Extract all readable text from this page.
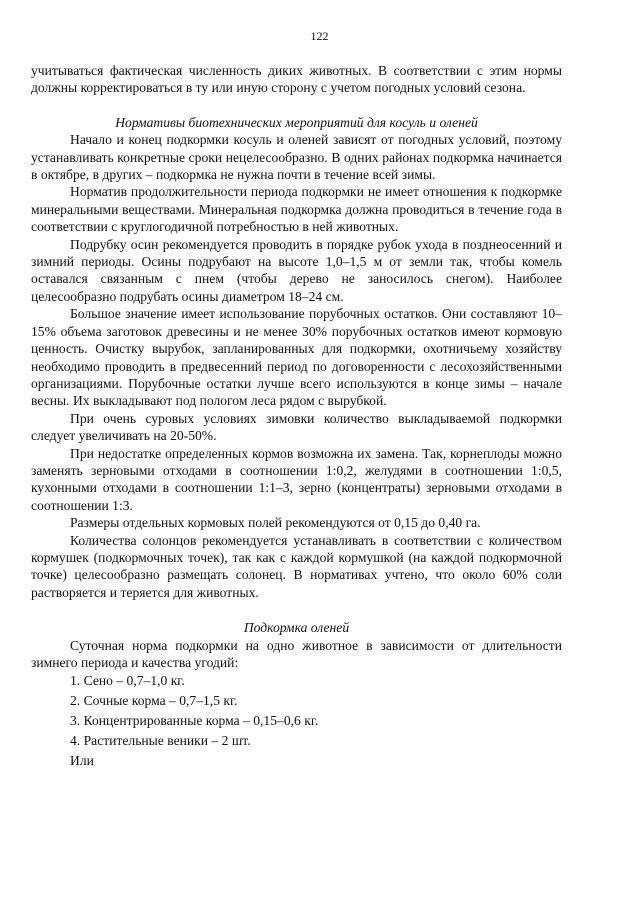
122

учитываться фактическая численность диких животных. В соответствии с этим нормы должны корректироваться в ту или иную сторону с учетом погодных условий сезона.

Нормативы биотехнических мероприятий для косуль и оленей

Начало и конец подкормки косуль и оленей зависят от погодных условий, поэтому устанавливать конкретные сроки нецелесообразно. В одних районах подкормка начинается в октябре, в других – подкормка не нужна почти в течение всей зимы.

Норматив продолжительности периода подкормки не имеет отношения к подкормке минеральными веществами. Минеральная подкормка должна проводиться в течение года в соответствии с круглогодичной потребностью в ней животных.

Подрубку осин рекомендуется проводить в порядке рубок ухода в позднеосенний и зимний периоды. Осины подрубают на высоте 1,0–1,5 м от земли так, чтобы комель оставался связанным с пнем (чтобы дерево не заносилось снегом). Наиболее целесообразно подрубать осины диаметром 18–24 см.

Большое значение имеет использование порубочных остатков. Они составляют 10–15% объема заготовок древесины и не менее 30% порубочных остатков имеют кормовую ценность. Очистку вырубок, запланированных для подкормки, охотничьему хозяйству необходимо проводить в предвесенний период по договоренности с лесохозяйственными организациями. Порубочные остатки лучше всего используются в конце зимы – начале весны. Их выкладывают под пологом леса рядом с вырубкой.

При очень суровых условиях зимовки количество выкладываемой подкормки следует увеличивать на 20-50%.

При недостатке определенных кормов возможна их замена. Так, корнеплоды можно заменять зерновыми отходами в соотношении 1:0,2, желудями в соотношении 1:0,5, кухонными отходами в соотношении 1:1–3, зерно (концентраты) зерновыми отходами в соотношении 1:3.

Размеры отдельных кормовых полей рекомендуются от 0,15 до 0,40 га.

Количества солонцов рекомендуется устанавливать в соответствии с количеством кормушек (подкормочных точек), так как с каждой кормушкой (на каждой подкормочной точке) целесообразно размещать солонец. В нормативах учтено, что около 60% соли растворяется и теряется для животных.

Подкормка оленей

Суточная норма подкормки на одно животное в зависимости от длительности зимнего периода и качества угодий:

1. Сено – 0,7–1,0 кг.
2. Сочные корма – 0,7–1,5 кг.
3. Концентрированные корма – 0,15–0,6 кг.
4. Растительные веники – 2 шт.
Или
